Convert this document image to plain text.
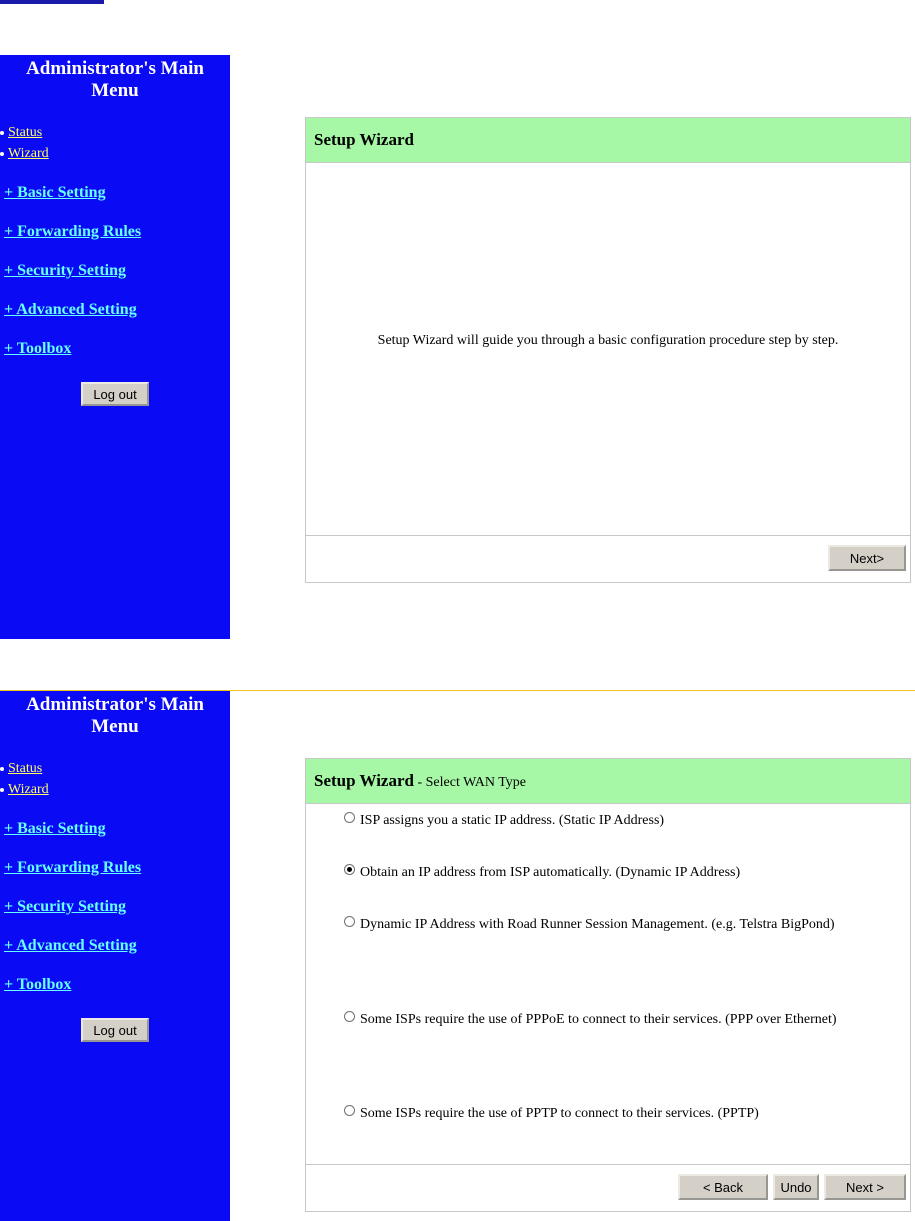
Administrator's Main Menu
Status
Wizard
+ Basic Setting
+ Forwarding Rules
+ Security Setting
+ Advanced Setting
+ Toolbox
Log out
Setup Wizard
Setup Wizard will guide you through a basic configuration procedure step by step.
Next>
Administrator's Main Menu
Status
Wizard
+ Basic Setting
+ Forwarding Rules
+ Security Setting
+ Advanced Setting
+ Toolbox
Log out
Setup Wizard - Select WAN Type
ISP assigns you a static IP address. (Static IP Address)
Obtain an IP address from ISP automatically. (Dynamic IP Address)
Dynamic IP Address with Road Runner Session Management. (e.g. Telstra BigPond)
Some ISPs require the use of PPPoE to connect to their services. (PPP over Ethernet)
Some ISPs require the use of PPTP to connect to their services. (PPTP)
< Back	Undo	Next >
